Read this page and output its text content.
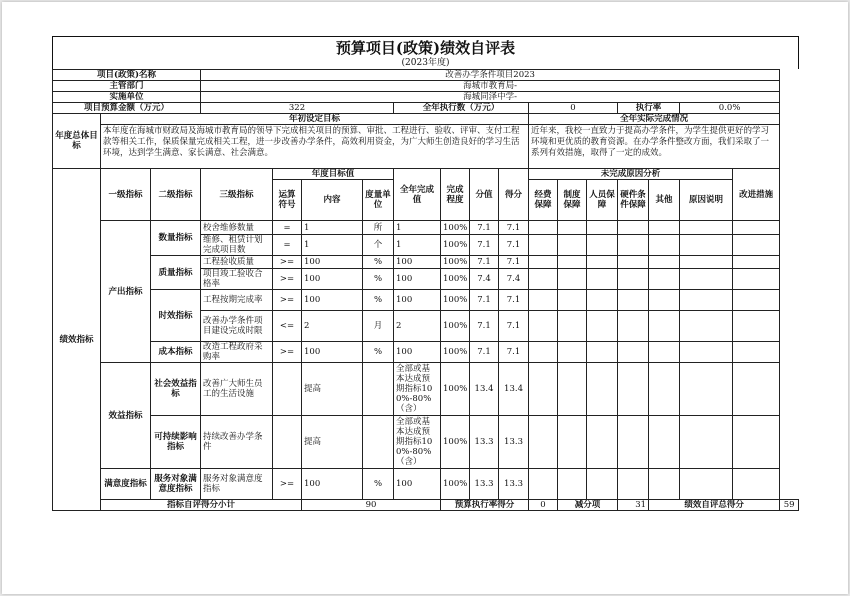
预算项目(政策)绩效自评表
(2023年度)
项目(政策)名称			改善办学条件项目2023															
主管部门			海城市教育局-															
实施单位			海城同泽中学-															
项目预算金额（万元）			322				全年执行数（万元）				0			执行率		0.0%		
年度总体目标	年初设定目标										全年实际完成情况							
	本年度在海城市财政局及海城市教育局的领导下完成相关项目的预算、审批、工程进行、验收、评审、支付工程款等相关工作，保质保量完成相关工程，进一步改善办学条件，高效利用资金，为广大师生创造良好的学习生活环境，达到学生满意、家长满意、社会满意。										近年来，我校一直致力于提高办学条件，为学生提供更好的学习环境和更优质的教育资源。在办学条件整改方面，我们采取了一系列有效措施，取得了一定的成效。							
绩效指标	一级指标	二级指标	三级指标	年度目标值			全年完成值	完成程度	分值	得分	未完成原因分析						改进措施	
				运算符号	内容	度量单位					经费保障	制度保障	人员保障	硬件条件保障	其他	原因说明		
	产出指标	数量指标	校舍维修数量	=	1	所	1	100%	7.1	7.1								
			维修、租赁计划完成项目数	=	1	个	1	100%	7.1	7.1								
		质量指标	工程验收质量	>=	100	%	100	100%	7.1	7.1								
			项目竣工验收合格率	>=	100	%	100	100%	7.4	7.4								
		时效指标	工程按期完成率	>=	100	%	100	100%	7.1	7.1								
			改善办学条件项目建设完成时限	<=	2	月	2	100%	7.1	7.1								
		成本指标	改造工程政府采购率	>=	100	%	100	100%	7.1	7.1								
	效益指标	社会效益指标	改善广大师生员工的生活设施		提高		全部或基本达成预期指标100%-80%（含）	100%	13.4	13.4								
		可持续影响指标	持续改善办学条件		提高		全部或基本达成预期指标100%-80%（含）	100%	13.3	13.3								
	满意度指标	服务对象满意度指标	服务对象满意度指标	>=	100	%	100	100%	13.3	13.3								
	指标自评得分小计				90			预算执行率得分			0	减分项		31	绩效自评总得分			59
